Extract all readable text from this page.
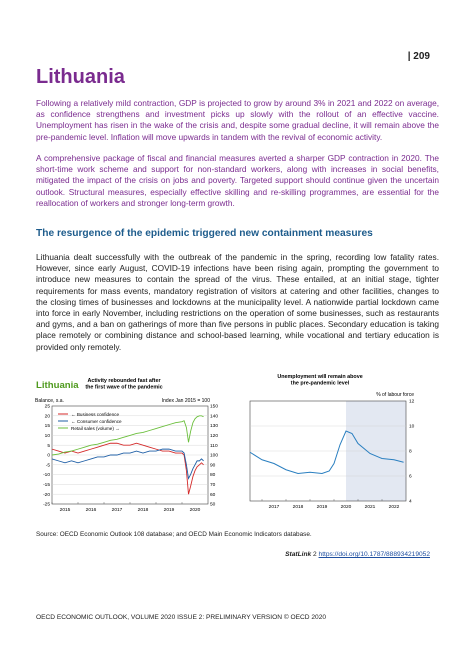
| 209
Lithuania
Following a relatively mild contraction, GDP is projected to grow by around 3% in 2021 and 2022 on average, as confidence strengthens and investment picks up slowly with the rollout of an effective vaccine. Unemployment has risen in the wake of the crisis and, despite some gradual decline, it will remain above the pre-pandemic level. Inflation will move upwards in tandem with the revival of economic activity.
A comprehensive package of fiscal and financial measures averted a sharper GDP contraction in 2020. The short-time work scheme and support for non-standard workers, along with increases in social benefits, mitigated the impact of the crisis on jobs and poverty. Targeted support should continue given the uncertain outlook. Structural measures, especially effective skilling and re-skilling programmes, are essential for the reallocation of workers and stronger long-term growth.
The resurgence of the epidemic triggered new containment measures
Lithuania dealt successfully with the outbreak of the pandemic in the spring, recording low fatality rates. However, since early August, COVID-19 infections have been rising again, prompting the government to introduce new measures to contain the spread of the virus. These entailed, at an initial stage, tighter requirements for mass events, mandatory registration of visitors at catering and other facilities, changes to the closing times of businesses and lockdowns at the municipality level. A nationwide partial lockdown came into force in early November, including restrictions on the operation of some businesses, such as restaurants and gyms, and a ban on gatherings of more than five persons in public places. Secondary education is taking place remotely or combining distance and school-based learning, while vocational and tertiary education is provided only remotely.
Lithuania Activity rebounded fast after
the first wave of the pandemic
Balance, s.a.	Index Jan 2015 = 100
25
20
15
10
5
0
-5
-10
-15
-20
-25
150
140
130
120
110
100
90
80
70
60
50
2015	2016	2017	2018	2019	2020
← Business confidence
← Consumer confidence
Retail sales (volume) →
Unemployment will remain above
the pre-pandemic level
% of labour force
12
10
8
6
4
2017	2018	2019	2020	2021	2022
Source: OECD Economic Outlook 108 database; and OECD Main Economic Indicators database.
StatLink 2 https://doi.org/10.1787/888934219052
OECD ECONOMIC OUTLOOK, VOLUME 2020 ISSUE 2: PRELIMINARY VERSION © OECD 2020
